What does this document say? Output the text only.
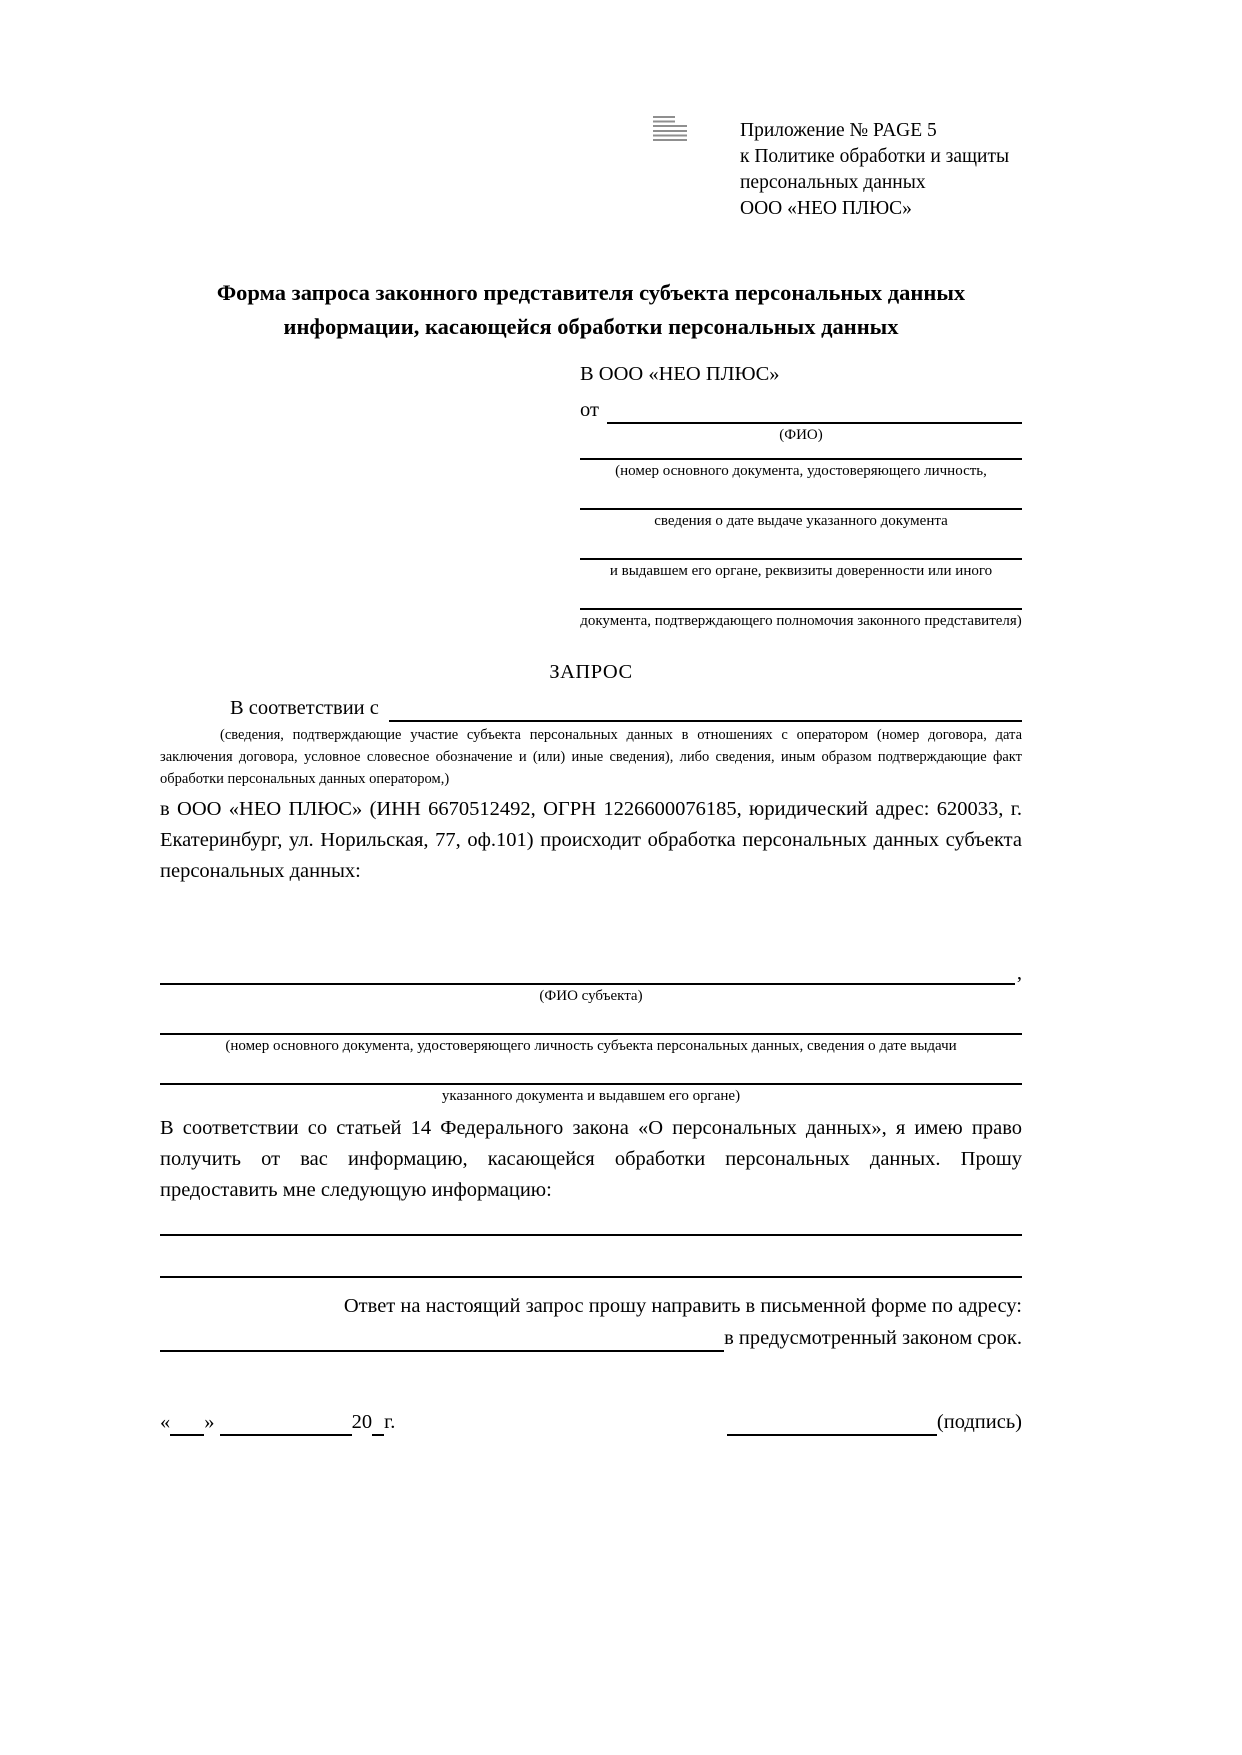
Приложение № PAGE 5
к Политике обработки и защиты
персональных данных
ООО «НЕО ПЛЮС»
Форма запроса законного представителя субъекта персональных данных
информации, касающейся обработки персональных данных
В ООО «НЕО ПЛЮС»
от
(ФИО)
(номер основного документа, удостоверяющего личность,
сведения о дате выдаче указанного документа
и выдавшем его органе, реквизиты доверенности или иного
документа, подтверждающего полномочия законного представителя)
ЗАПРОС
В соответствии с
(сведения, подтверждающие участие субъекта персональных данных в отношениях с оператором (номер договора, дата заключения договора, условное словесное обозначение и (или) иные сведения), либо сведения, иным образом подтверждающие факт обработки персональных данных оператором,)
в ООО «НЕО ПЛЮС» (ИНН 6670512492, ОГРН 1226600076185, юридический адрес: 620033, г. Екатеринбург, ул. Норильская, 77, оф.101) происходит обработка персональных данных субъекта персональных данных:
,
(ФИО субъекта)
(номер основного документа, удостоверяющего личность субъекта персональных данных, сведения о дате выдачи
указанного документа и выдавшем его органе)
В соответствии со статьей 14 Федерального закона «О персональных данных», я имею право получить от вас информацию, касающейся обработки персональных данных. Прошу предоставить мне следующую информацию:
Ответ на настоящий запрос прошу направить в письменной форме по адресу:
в предусмотренный законом срок.
« »
	20 г.	(подпись)
